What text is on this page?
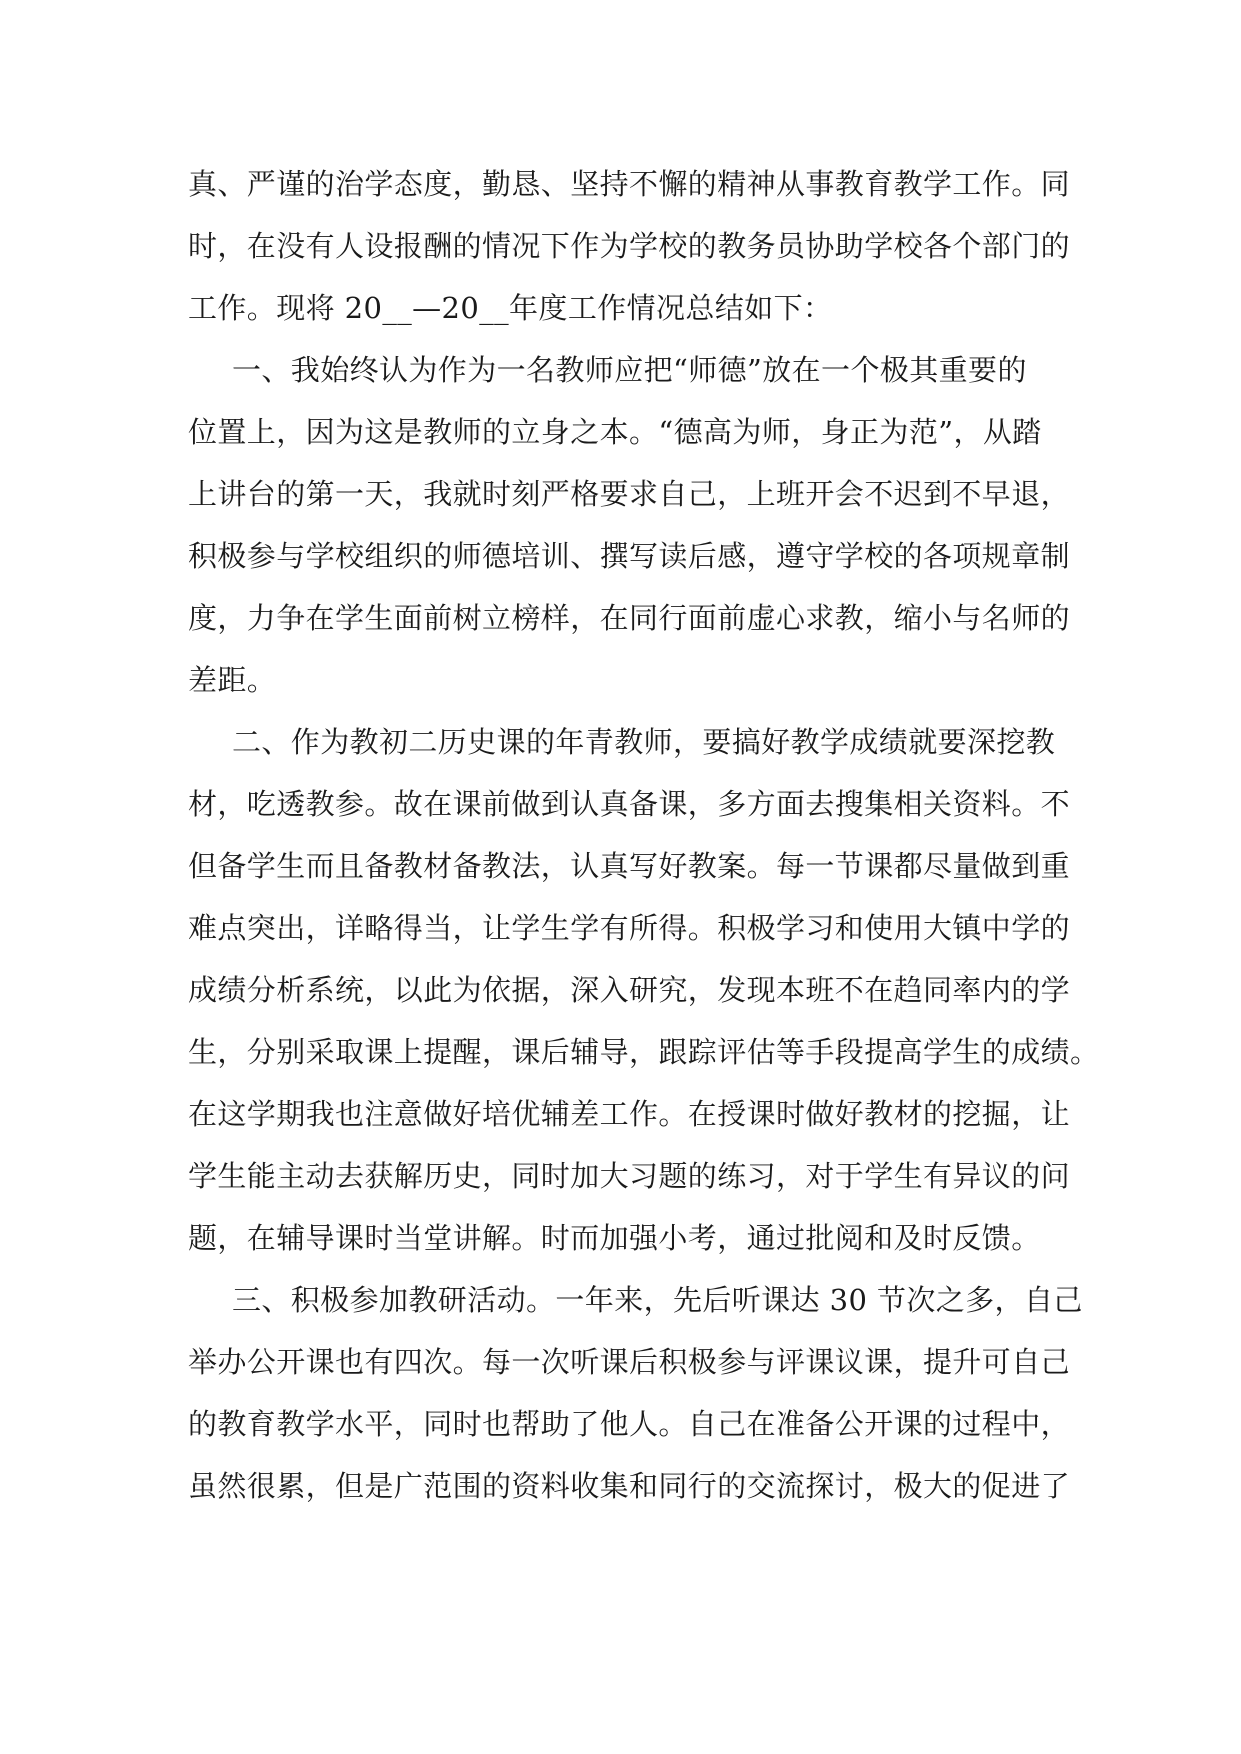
真、严谨的治学态度，勤恳、坚持不懈的精神从事教育教学工作。同
时，在没有人设报酬的情况下作为学校的教务员协助学校各个部门的
工作。现将 20__—20__年度工作情况总结如下：
一、我始终认为作为一名教师应把“师德”放在一个极其重要的
位置上，因为这是教师的立身之本。“德高为师，身正为范”，从踏
上讲台的第一天，我就时刻严格要求自己，上班开会不迟到不早退，
积极参与学校组织的师德培训、撰写读后感，遵守学校的各项规章制
度，力争在学生面前树立榜样，在同行面前虚心求教，缩小与名师的
差距。
二、作为教初二历史课的年青教师，要搞好教学成绩就要深挖教
材，吃透教参。故在课前做到认真备课，多方面去搜集相关资料。不
但备学生而且备教材备教法，认真写好教案。每一节课都尽量做到重
难点突出，详略得当，让学生学有所得。积极学习和使用大镇中学的
成绩分析系统，以此为依据，深入研究，发现本班不在趋同率内的学
生，分别采取课上提醒，课后辅导，跟踪评估等手段提高学生的成绩。
在这学期我也注意做好培优辅差工作。在授课时做好教材的挖掘，让
学生能主动去获解历史，同时加大习题的练习，对于学生有异议的问
题，在辅导课时当堂讲解。时而加强小考，通过批阅和及时反馈。
三、积极参加教研活动。一年来，先后听课达 30 节次之多，自己
举办公开课也有四次。每一次听课后积极参与评课议课，提升可自己
的教育教学水平，同时也帮助了他人。自己在准备公开课的过程中，
虽然很累，但是广范围的资料收集和同行的交流探讨，极大的促进了
